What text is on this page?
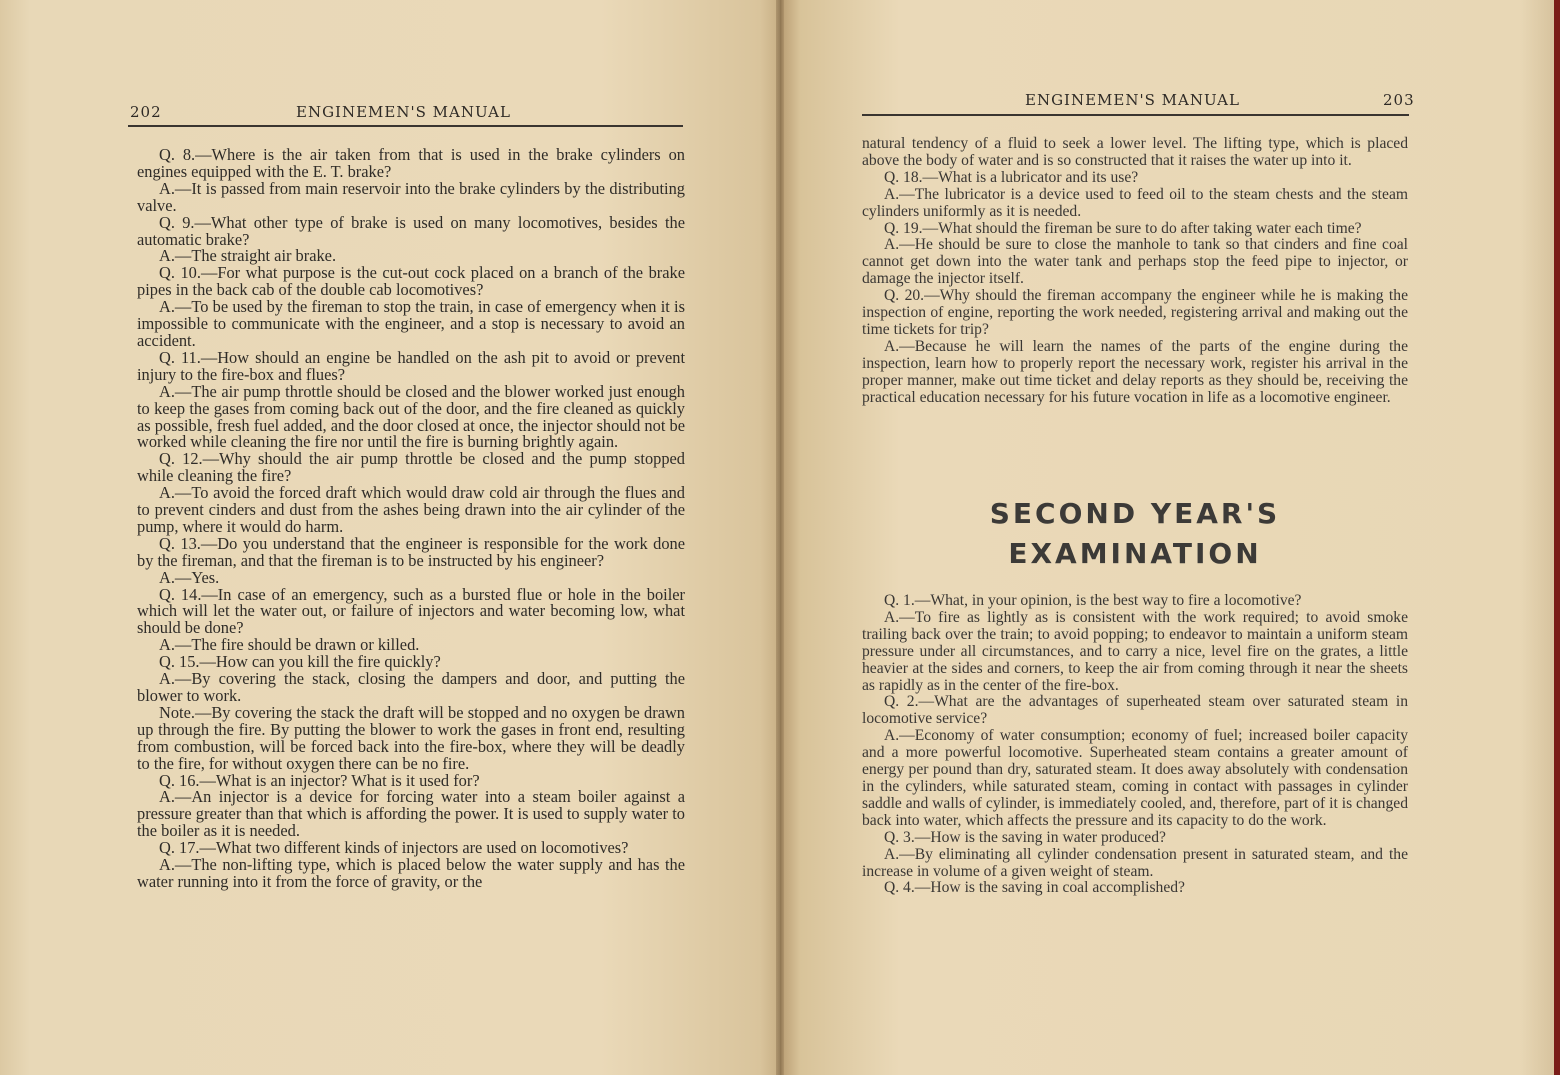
202	ENGINEMEN'S MANUAL

Q. 8.—Where is the air taken from that is used in the brake cylinders on engines equipped with the E. T. brake?

A.—It is passed from main reservoir into the brake cylinders by the distributing valve.

Q. 9.—What other type of brake is used on many locomotives, besides the automatic brake?

A.—The straight air brake.

Q. 10.—For what purpose is the cut-out cock placed on a branch of the brake pipes in the back cab of the double cab locomotives?

A.—To be used by the fireman to stop the train, in case of emergency when it is impossible to communicate with the engineer, and a stop is necessary to avoid an accident.

Q. 11.—How should an engine be handled on the ash pit to avoid or prevent injury to the fire-box and flues?

A.—The air pump throttle should be closed and the blower worked just enough to keep the gases from coming back out of the door, and the fire cleaned as quickly as possible, fresh fuel added, and the door closed at once, the injector should not be worked while cleaning the fire nor until the fire is burning brightly again.

Q. 12.—Why should the air pump throttle be closed and the pump stopped while cleaning the fire?

A.—To avoid the forced draft which would draw cold air through the flues and to prevent cinders and dust from the ashes being drawn into the air cylinder of the pump, where it would do harm.

Q. 13.—Do you understand that the engineer is responsible for the work done by the fireman, and that the fireman is to be instructed by his engineer?

A.—Yes.

Q. 14.—In case of an emergency, such as a bursted flue or hole in the boiler which will let the water out, or failure of injectors and water becoming low, what should be done?

A.—The fire should be drawn or killed.

Q. 15.—How can you kill the fire quickly?

A.—By covering the stack, closing the dampers and door, and putting the blower to work.

Note.—By covering the stack the draft will be stopped and no oxygen be drawn up through the fire. By putting the blower to work the gases in front end, resulting from combustion, will be forced back into the fire-box, where they will be deadly to the fire, for without oxygen there can be no fire.

Q. 16.—What is an injector? What is it used for?

A.—An injector is a device for forcing water into a steam boiler against a pressure greater than that which is affording the power. It is used to supply water to the boiler as it is needed.

Q. 17.—What two different kinds of injectors are used on locomotives?

A.—The non-lifting type, which is placed below the water supply and has the water running into it from the force of gravity, or the

ENGINEMEN'S MANUAL	203

natural tendency of a fluid to seek a lower level. The lifting type, which is placed above the body of water and is so constructed that it raises the water up into it.

Q. 18.—What is a lubricator and its use?

A.—The lubricator is a device used to feed oil to the steam chests and the steam cylinders uniformly as it is needed.

Q. 19.—What should the fireman be sure to do after taking water each time?

A.—He should be sure to close the manhole to tank so that cinders and fine coal cannot get down into the water tank and perhaps stop the feed pipe to injector, or damage the injector itself.

Q. 20.—Why should the fireman accompany the engineer while he is making the inspection of engine, reporting the work needed, registering arrival and making out the time tickets for trip?

A.—Because he will learn the names of the parts of the engine during the inspection, learn how to properly report the necessary work, register his arrival in the proper manner, make out time ticket and delay reports as they should be, receiving the practical education necessary for his future vocation in life as a locomotive engineer.

SECOND YEAR'S
EXAMINATION

Q. 1.—What, in your opinion, is the best way to fire a locomotive?

A.—To fire as lightly as is consistent with the work required; to avoid smoke trailing back over the train; to avoid popping; to endeavor to maintain a uniform steam pressure under all circumstances, and to carry a nice, level fire on the grates, a little heavier at the sides and corners, to keep the air from coming through it near the sheets as rapidly as in the center of the fire-box.

Q. 2.—What are the advantages of superheated steam over saturated steam in locomotive service?

A.—Economy of water consumption; economy of fuel; increased boiler capacity and a more powerful locomotive. Superheated steam contains a greater amount of energy per pound than dry, saturated steam. It does away absolutely with condensation in the cylinders, while saturated steam, coming in contact with passages in cylinder saddle and walls of cylinder, is immediately cooled, and, therefore, part of it is changed back into water, which affects the pressure and its capacity to do the work.

Q. 3.—How is the saving in water produced?

A.—By eliminating all cylinder condensation present in saturated steam, and the increase in volume of a given weight of steam.

Q. 4.—How is the saving in coal accomplished?
